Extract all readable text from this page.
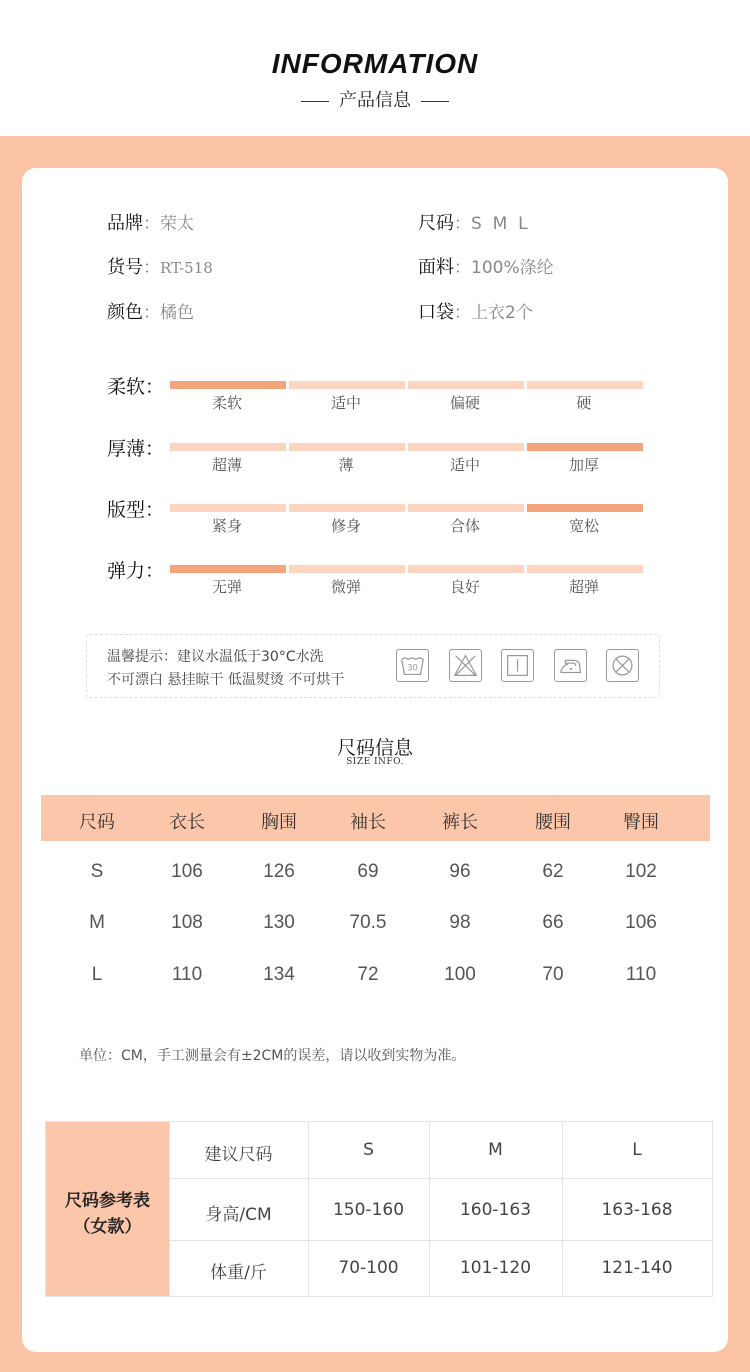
INFORMATION
产品信息
品牌：荣太	尺码：S  M  L
货号：RT-518	面料：100%涤纶
颜色：橘色	口袋：上衣2个
柔软：
柔软	适中	偏硬	硬
厚薄：
超薄	薄	适中	加厚
版型：
紧身	修身	合体	宽松
弹力：
无弹	微弹	良好	超弹
温馨提示：建议水温低于30°C水洗
不可漂白 悬挂晾干 低温熨烫 不可烘干
30
尺码信息
SIZE INFO.
尺码	衣长	胸围	袖长	裤长	腰围	臀围
S	106	126	69	96	62	102
M	108	130	70.5	98	66	106
L	110	134	72	100	70	110
单位：CM，手工测量会有±2CM的误差，请以收到实物为准。
尺码参考表
（女款）
建议尺码	S	M	L
身高/CM	150-160	160-163	163-168
体重/斤	70-100	101-120	121-140
